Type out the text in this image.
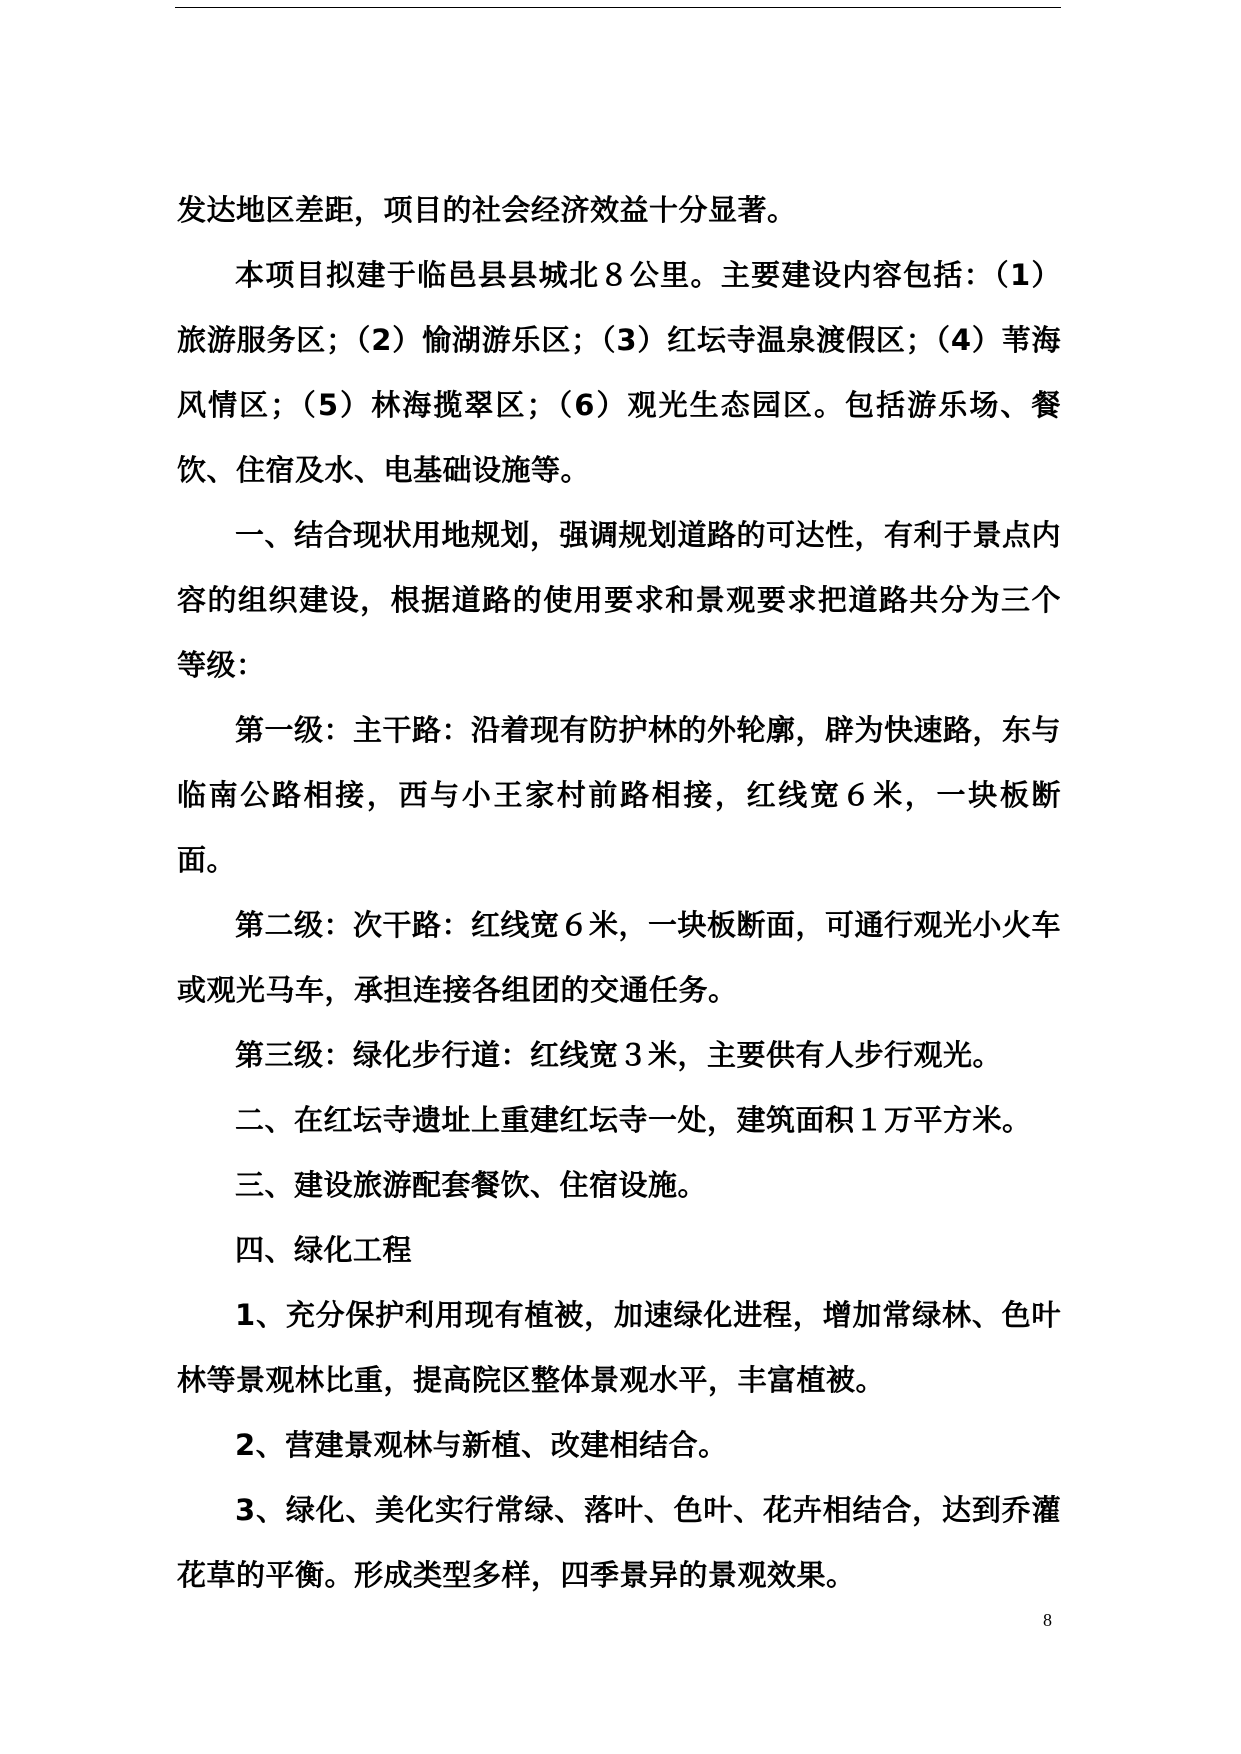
发达地区差距，项目的社会经济效益十分显著。

本项目拟建于临邑县县城北８公里。主要建设内容包括：（1）旅游服务区；（2）愉湖游乐区；（3）红坛寺温泉渡假区；（4）苇海风情区；（5）林海揽翠区；（6）观光生态园区。包括游乐场、餐饮、住宿及水、电基础设施等。

一、结合现状用地规划，强调规划道路的可达性，有利于景点内容的组织建设，根据道路的使用要求和景观要求把道路共分为三个等级：

第一级：主干路：沿着现有防护林的外轮廓，辟为快速路，东与临南公路相接，西与小王家村前路相接，红线宽６米，一块板断面。

第二级：次干路：红线宽６米，一块板断面，可通行观光小火车或观光马车，承担连接各组团的交通任务。

第三级：绿化步行道：红线宽３米，主要供有人步行观光。

二、在红坛寺遗址上重建红坛寺一处，建筑面积１万平方米。

三、建设旅游配套餐饮、住宿设施。

四、绿化工程

1、充分保护利用现有植被，加速绿化进程，增加常绿林、色叶林等景观林比重，提高院区整体景观水平，丰富植被。

2、营建景观林与新植、改建相结合。

3、绿化、美化实行常绿、落叶、色叶、花卉相结合，达到乔灌花草的平衡。形成类型多样，四季景异的景观效果。

8
